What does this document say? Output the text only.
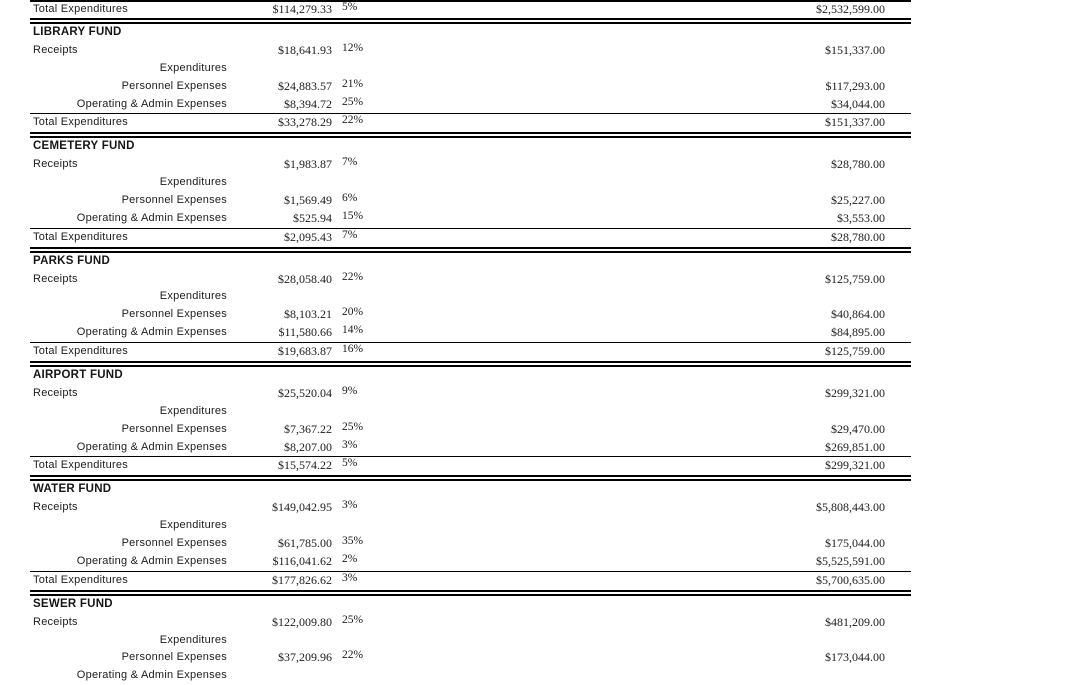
Total Expenditures	$114,279.33 5%	$2,532,599.00
LIBRARY FUND
Receipts	$18,641.93 12%	$151,337.00
Expenditures
Personnel Expenses	$24,883.57 21%	$117,293.00
Operating & Admin Expenses	$8,394.72 25%	$34,044.00
Total Expenditures	$33,278.29 22%	$151,337.00
CEMETERY FUND
Receipts	$1,983.87 7%	$28,780.00
Expenditures
Personnel Expenses	$1,569.49 6%	$25,227.00
Operating & Admin Expenses	$525.94 15%	$3,553.00
Total Expenditures	$2,095.43 7%	$28,780.00
PARKS FUND
Receipts	$28,058.40 22%	$125,759.00
Expenditures
Personnel Expenses	$8,103.21 20%	$40,864.00
Operating & Admin Expenses	$11,580.66 14%	$84,895.00
Total Expenditures	$19,683.87 16%	$125,759.00
AIRPORT FUND
Receipts	$25,520.04 9%	$299,321.00
Expenditures
Personnel Expenses	$7,367.22 25%	$29,470.00
Operating & Admin Expenses	$8,207.00 3%	$269,851.00
Total Expenditures	$15,574.22 5%	$299,321.00
WATER FUND
Receipts	$149,042.95 3%	$5,808,443.00
Expenditures
Personnel Expenses	$61,785.00 35%	$175,044.00
Operating & Admin Expenses	$116,041.62 2%	$5,525,591.00
Total Expenditures	$177,826.62 3%	$5,700,635.00
SEWER FUND
Receipts	$122,009.80 25%	$481,209.00
Expenditures
Personnel Expenses	$37,209.96 22%	$173,044.00
Operating & Admin Expenses
